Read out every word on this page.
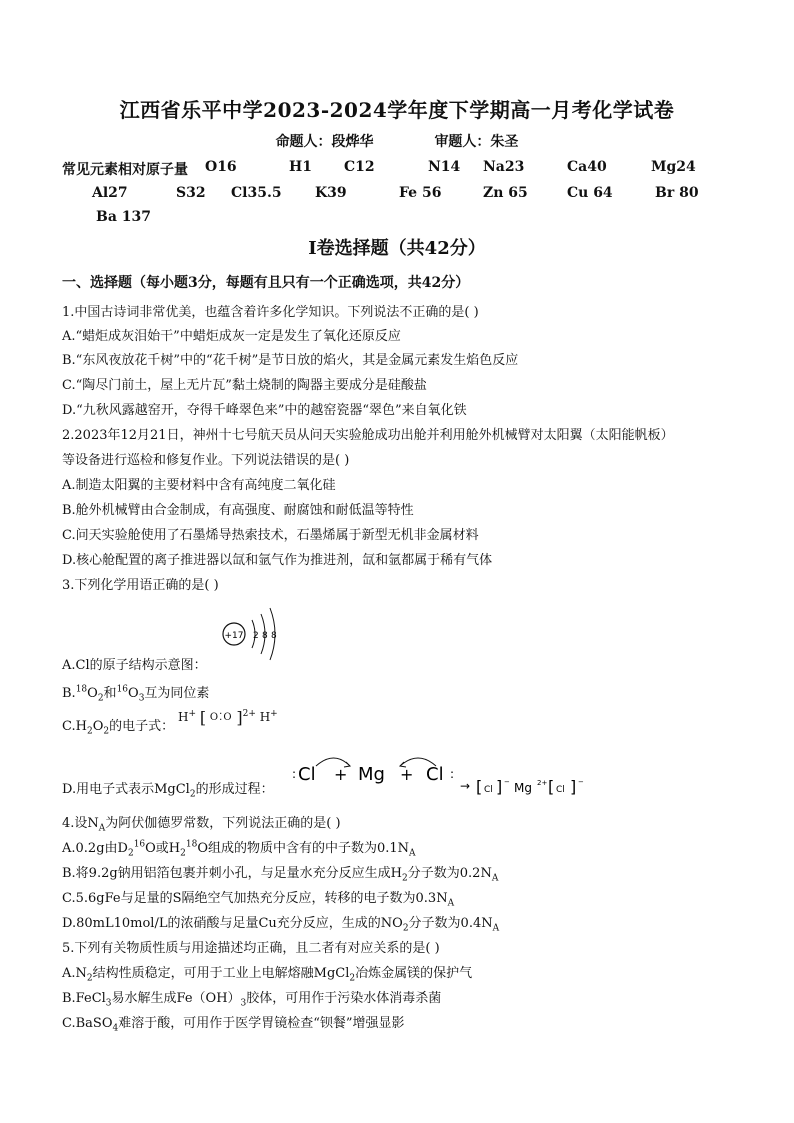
江西省乐平中学2023-2024学年度下学期高一月考化学试卷
命题人：段烨华	审题人：朱圣
常见元素相对原子量 O16	H1 C12	N14 Na23	Ca40	Mg24
Al27	S32 Cl35.5 K39	Fe 56	Zn 65	Cu 64	Br 80
Ba 137
I卷选择题（共42分）
一、选择题（每小题3分，每题有且只有一个正确选项，共42分）
1.中国古诗词非常优美，也蕴含着许多化学知识。下列说法不正确的是( )
A.“蜡炬成灰泪始干”中蜡炬成灰一定是发生了氧化还原反应
B.“东风夜放花千树”中的“花千树”是节日放的焰火，其是金属元素发生焰色反应
C.“陶尽门前土，屋上无片瓦”黏土烧制的陶器主要成分是硅酸盐
D.“九秋风露越窑开，夺得千峰翠色来”中的越窑瓷器“翠色”来自氧化铁
2.2023年12月21日，神州十七号航天员从问天实验舱成功出舱并利用舱外机械臂对太阳翼（太阳能帆板）
等设备进行巡检和修复作业。下列说法错误的是( )
A.制造太阳翼的主要材料中含有高纯度二氧化硅
B.舱外机械臂由合金制成，有高强度、耐腐蚀和耐低温等特性
C.问天实验舱使用了石墨烯导热索技术，石墨烯属于新型无机非金属材料
D.核心舱配置的离子推进器以氙和氩气作为推进剂，氙和氩都属于稀有气体
3.下列化学用语正确的是( )
+17 2 8 8
A.Cl的原子结构示意图：
$B.^{18}O_2$和$^{16}O_3$互为同位素
$C.H_2O_2$的电子式：
H+ [ O⁚O ]$^{2+}$ H+
D.用电子式表示MgCl$_2$的形成过程：
Cl
: + Mg + Cl :
→ [ Cl ] − Mg 2+ [ Cl ] −
4.设$N_A$为阿伏伽德罗常数，下列说法正确的是( )
A.0.2g由$D_2^{16}O$或$H_2^{18}O$组成的物质中含有的中子数为$0.1N_A$
B.将9.2g钠用铝箔包裹并刺小孔，与足量水充分反应生成$H_2$分子数为$0.2N_A$
C.5.6gFe与足量的S隔绝空气加热充分反应，转移的电子数为$0.3N_A$
D.80mL10mol/L的浓硝酸与足量Cu充分反应，生成的$NO_2$分子数为$0.4N_A$
5.下列有关物质性质与用途描述均正确，且二者有对应关系的是( )
$A.N_2$结构性质稳定，可用于工业上电解熔融MgCl$_2$冶炼金属镁的保护气
B.FeCl$_3$易水解生成$Fe(OH)_3$胶体，可用作于污染水体消毒杀菌
C.BaSO$_4$难溶于酸，可用作于医学胃镜检查“钡餐”增强显影
